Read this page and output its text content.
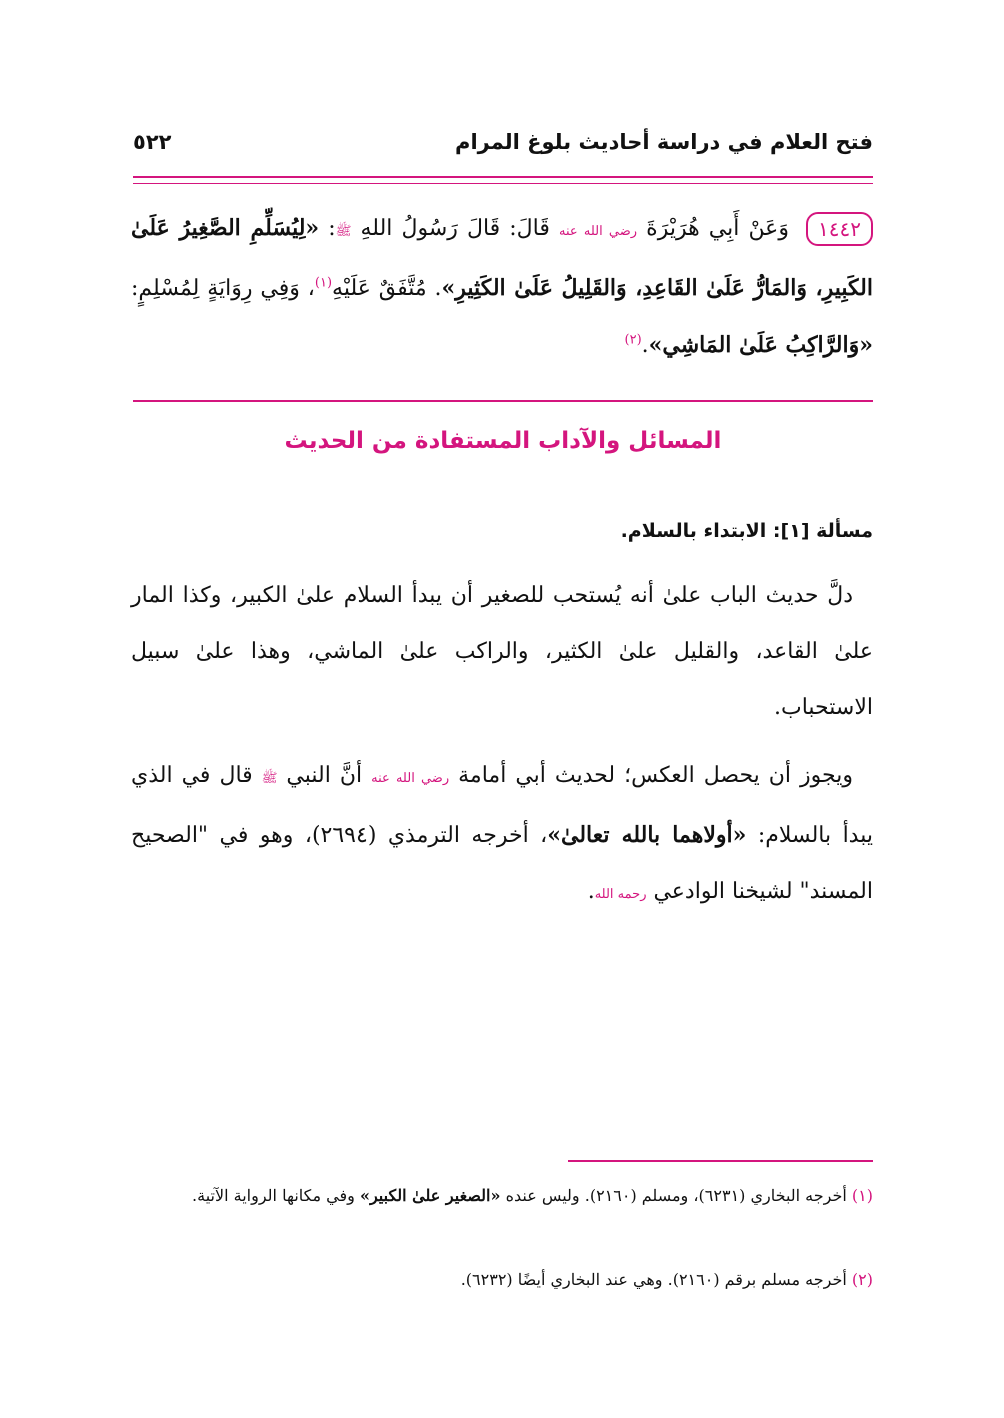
فتح العلام في دراسة أحاديث بلوغ المرام
٥٢٢
١٤٤٢ وَعَنْ أَبِي هُرَيْرَةَ رضي الله عنه قَالَ: قَالَ رَسُولُ اللهِ ﷺ: «لِيُسَلِّمِ الصَّغِيرُ عَلَىٰ الكَبِيرِ، وَالمَارُّ عَلَىٰ القَاعِدِ، وَالقَلِيلُ عَلَىٰ الكَثِيرِ». مُتَّفَقٌ عَلَيْهِ$^{(١)}$، وَفِي رِوَايَةٍ لِمُسْلِمٍ: «وَالرَّاكِبُ عَلَىٰ المَاشِي».$^{(٢)}$
المسائل والآداب المستفادة من الحديث
مسألة [١]: الابتداء بالسلام.
دلَّ حديث الباب علىٰ أنه يُستحب للصغير أن يبدأ السلام علىٰ الكبير، وكذا المار علىٰ القاعد، والقليل علىٰ الكثير، والراكب علىٰ الماشي، وهذا علىٰ سبيل الاستحباب.
ويجوز أن يحصل العكس؛ لحديث أبي أمامة رضي الله عنه أنَّ النبي ﷺ قال في الذي يبدأ بالسلام: «أولاهما بالله تعالىٰ»، أخرجه الترمذي (٢٦٩٤)، وهو في "الصحيح المسند" لشيخنا الوادعي رحمه الله.
(١) أخرجه البخاري (٦٢٣١)، ومسلم (٢١٦٠). وليس عنده «الصغير علىٰ الكبير» وفي مكانها الرواية الآتية.
(٢) أخرجه مسلم برقم (٢١٦٠). وهي عند البخاري أيضًا (٦٢٣٢).
